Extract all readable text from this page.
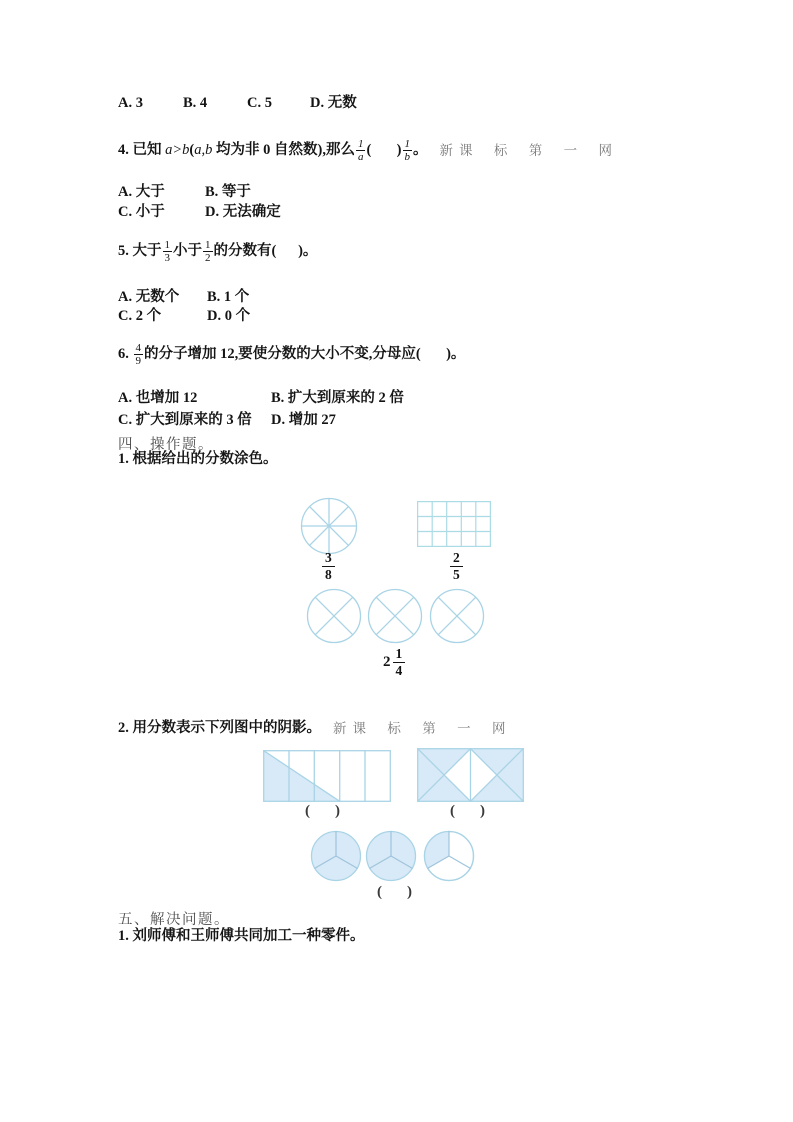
A. 3	B. 4	C. 5	D. 无数
4. 已知 a>b ( a,b 均为非 0 自然数),那么 $\frac{1}{a}$ (       ) $\frac{1}{b}$ 。 新课 标 第 一 网
A. 大于	B. 等于
C. 小于	D. 无法确定
5. 大于 $\frac{1}{3}$ 小于 $\frac{1}{2}$ 的分数有(      )。
A. 无数个 B. 1 个
C. 2 个	D. 0 个
6. $\frac{4}{9}$ 的分子增加 12,要使分数的大小不变,分母应(       )。
A. 也增加 12	B. 扩大到原来的 2 倍
C. 扩大到原来的 3 倍 D. 增加 27
四、操作题。
1. 根据给出的分数涂色。
$\frac{3}{8}$	$\frac{2}{5}$
$2 \frac{1}{4}$
2. 用分数表示下列图中的阴影。 新课 标 第 一 网
(    )	(    )
(    )
五、解决问题。
1. 刘师傅和王师傅共同加工一种零件。
